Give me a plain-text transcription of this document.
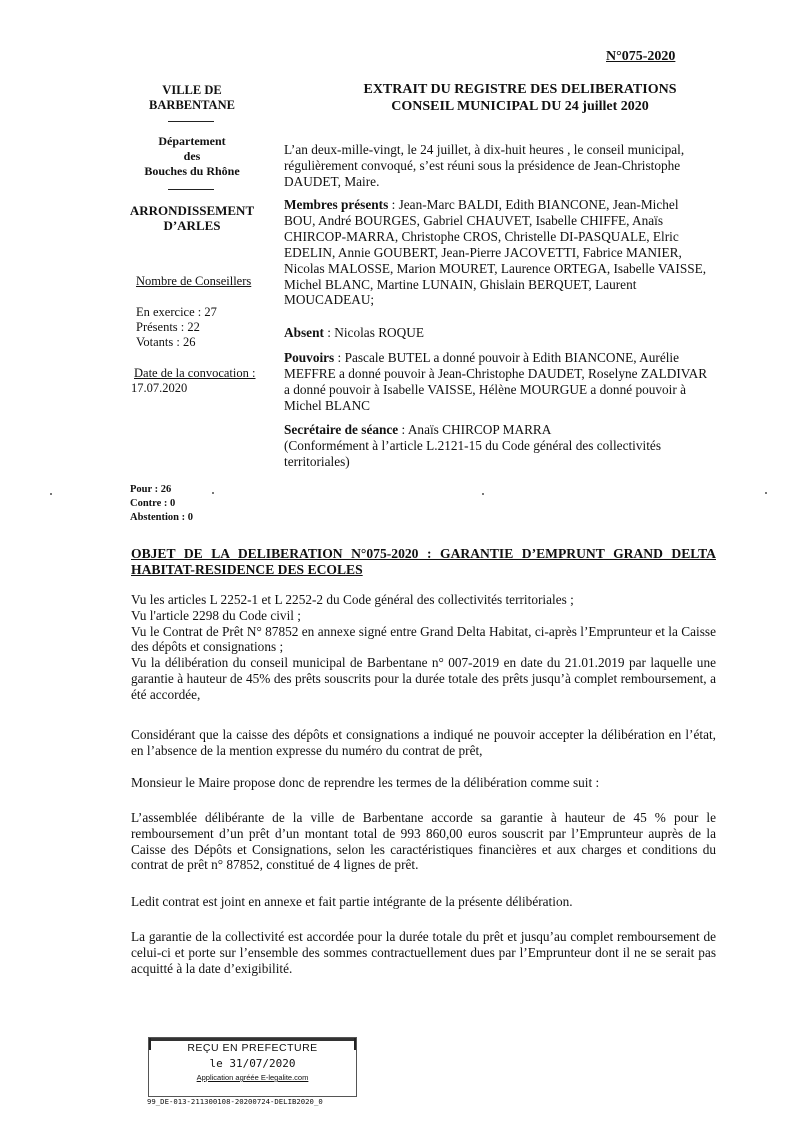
N°075-2020
VILLE DE
BARBENTANE
Département
des
Bouches du Rhône
ARRONDISSEMENT
D’ARLES
Nombre de Conseillers
En exercice : 27
Présents : 22
Votants : 26
Date de la convocation :
17.07.2020
EXTRAIT DU REGISTRE DES DELIBERATIONS
CONSEIL MUNICIPAL DU 24 juillet 2020
L’an deux-mille-vingt, le 24 juillet, à dix-huit heures , le conseil municipal, régulièrement convoqué, s’est réuni sous la présidence de Jean-Christophe DAUDET, Maire.
Membres présents : Jean-Marc BALDI, Edith BIANCONE, Jean-Michel BOU, André BOURGES, Gabriel CHAUVET, Isabelle CHIFFE, Anaïs CHIRCOP-MARRA, Christophe CROS, Christelle DI-PASQUALE, Elric EDELIN, Annie GOUBERT, Jean-Pierre JACOVETTI, Fabrice MANIER, Nicolas MALOSSE, Marion MOURET, Laurence ORTEGA, Isabelle VAISSE, Michel BLANC, Martine LUNAIN, Ghislain BERQUET, Laurent MOUCADEAU;
Absent : Nicolas ROQUE
Pouvoirs : Pascale BUTEL a donné pouvoir à Edith BIANCONE, Aurélie MEFFRE a donné pouvoir à Jean-Christophe DAUDET, Roselyne ZALDIVAR a donné pouvoir à Isabelle VAISSE, Hélène MOURGUE a donné pouvoir à Michel BLANC
Secrétaire de séance : Anaïs CHIRCOP MARRA
(Conformément à l’article L.2121-15 du Code général des collectivités territoriales)
Pour : 26
Contre : 0
Abstention : 0
OBJET DE LA DELIBERATION N°075-2020 : GARANTIE D’EMPRUNT GRAND DELTA HABITAT-RESIDENCE DES ECOLES
Vu les articles L 2252-1 et L 2252-2 du Code général des collectivités territoriales ;
Vu l'article 2298 du Code civil ;
Vu le Contrat de Prêt N° 87852 en annexe signé entre Grand Delta Habitat, ci-après l’Emprunteur et la Caisse des dépôts et consignations ;
Vu la délibération du conseil municipal de Barbentane n° 007-2019 en date du 21.01.2019 par laquelle une garantie à hauteur de 45% des prêts souscrits pour la durée totale des prêts jusqu’à complet remboursement, a été accordée,
Considérant que la caisse des dépôts et consignations a indiqué ne pouvoir accepter la délibération en l’état, en l’absence de la mention expresse du numéro du contrat de prêt,
Monsieur le Maire propose donc de reprendre les termes de la délibération comme suit :
L’assemblée délibérante de la ville de Barbentane accorde sa garantie à hauteur de 45 % pour le remboursement d’un prêt d’un montant total de 993 860,00 euros souscrit par l’Emprunteur auprès de la Caisse des Dépôts et Consignations, selon les caractéristiques financières et aux charges et conditions du contrat de prêt n° 87852, constitué de 4 lignes de prêt.
Ledit contrat est joint en annexe et fait partie intégrante de la présente délibération.
La garantie de la collectivité est accordée pour la durée totale du prêt et jusqu’au complet remboursement de celui-ci et porte sur l’ensemble des sommes contractuellement dues par l’Emprunteur dont il ne se serait pas acquitté à la date d’exigibilité.
REÇU EN PREFECTURE
le 31/07/2020
Application agréée E-legalite.com
99_DE-013-211300108-20200724-DELIB2020_0
